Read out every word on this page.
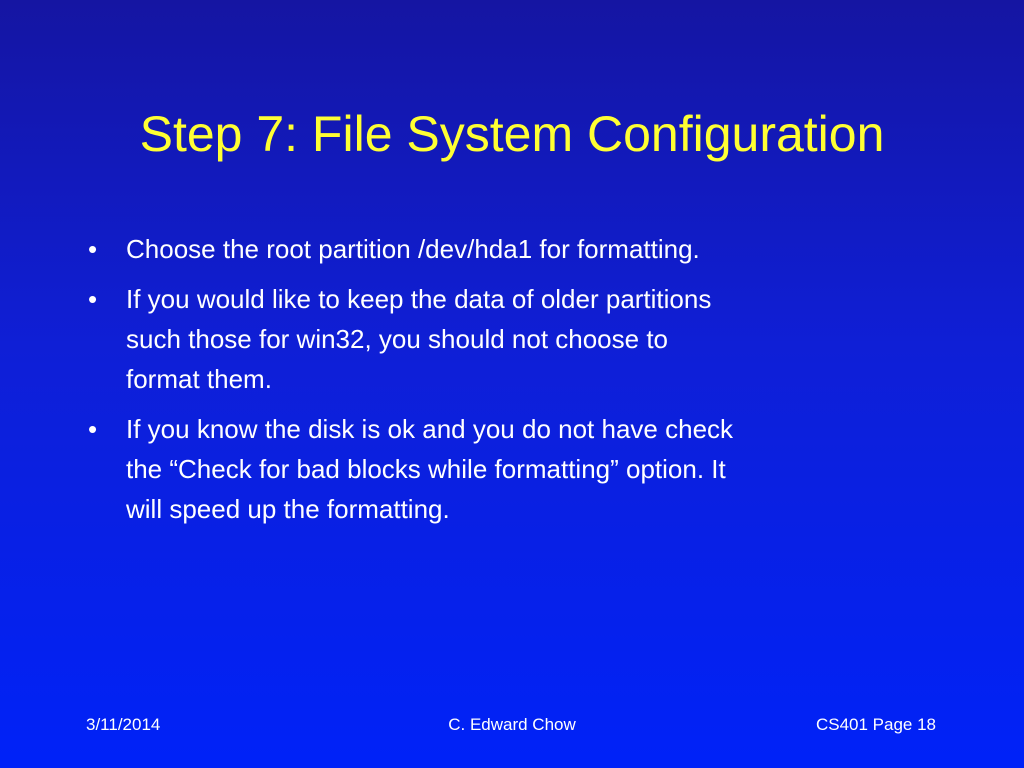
Step 7: File System Configuration
• Choose the root partition /dev/hda1 for formatting.
• If you would like to keep the data of older partitions
such those for win32, you should not choose to
format them.
• If you know the disk is ok and you do not have check
the “Check for bad blocks while formatting” option. It
will speed up the formatting.
3/11/2014	C. Edward Chow	CS401 Page 18
